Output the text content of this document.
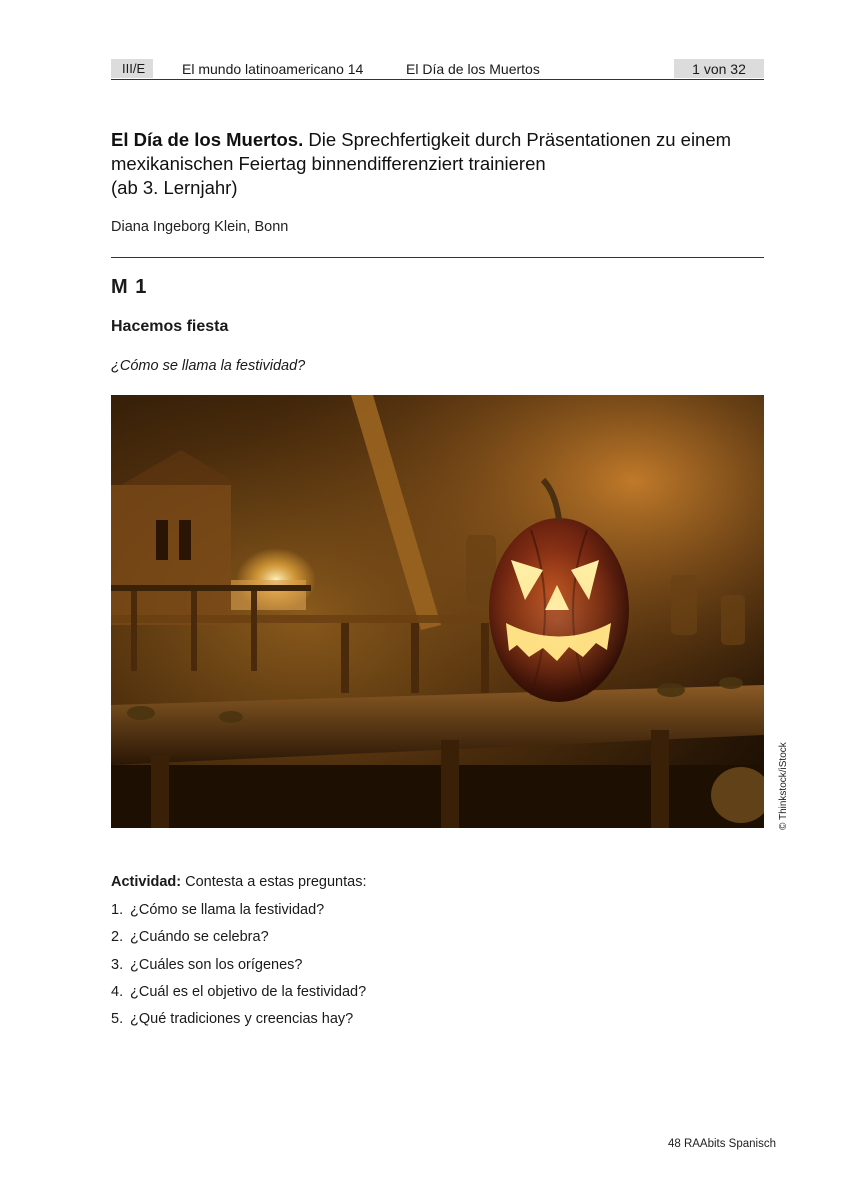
III/E	El mundo latinoamericano 14	El Día de los Muertos	1 von 32
El Día de los Muertos. Die Sprechfertigkeit durch Präsentationen zu einem mexikanischen Feiertag binnendifferenziert trainieren
(ab 3. Lernjahr)
Diana Ingeborg Klein, Bonn
M 1
Hacemos fiesta
¿Cómo se llama la festividad?
© Thinkstock/iStock
Actividad: Contesta a estas preguntas:
1. ¿Cómo se llama la festividad?
2. ¿Cuándo se celebra?
3. ¿Cuáles son los orígenes?
4. ¿Cuál es el objetivo de la festividad?
5. ¿Qué tradiciones y creencias hay?
48 RAAbits Spanisch
